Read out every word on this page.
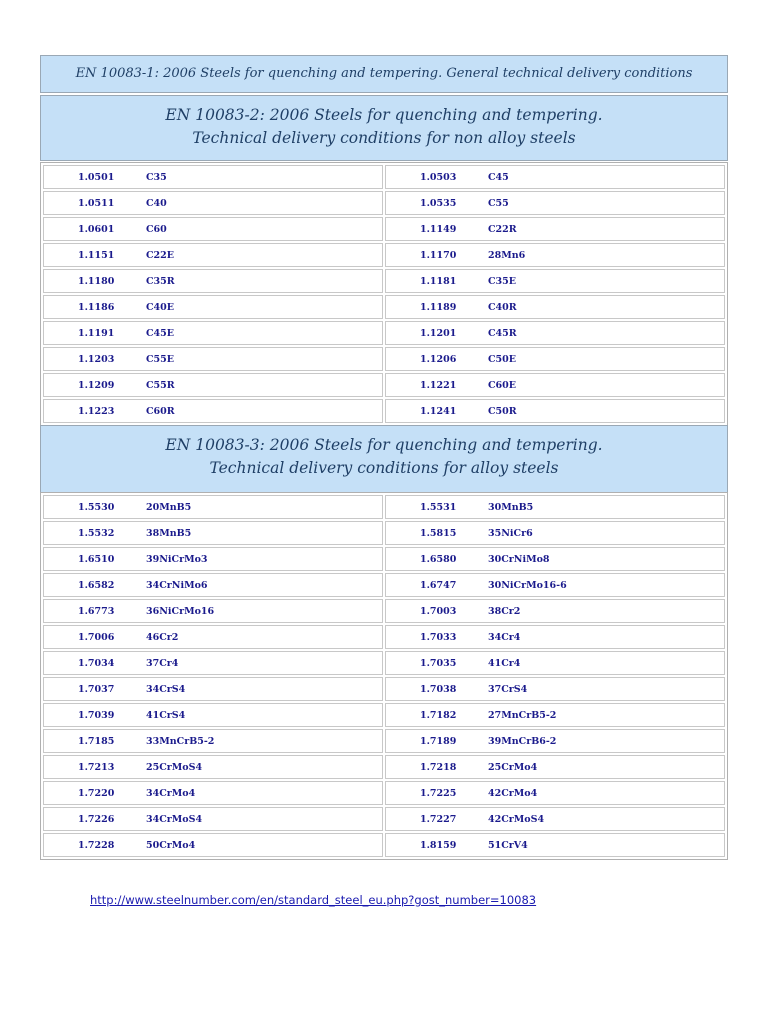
EN 10083-1: 2006 Steels for quenching and tempering. General technical delivery conditions
EN 10083-2: 2006 Steels for quenching and tempering.
Technical delivery conditions for non alloy steels
1.0501 C35	1.0503 C45

1.0511 C40	1.0535 C55

1.0601 C60	1.1149 C22R

1.1151 C22E	1.1170 28Mn6

1.1180 C35R	1.1181 C35E

1.1186 C40E	1.1189 C40R

1.1191 C45E	1.1201 C45R

1.1203 C55E	1.1206 C50E

1.1209 C55R	1.1221 C60E

1.1223 C60R	1.1241 C50R
EN 10083-3: 2006 Steels for quenching and tempering.
Technical delivery conditions for alloy steels
1.5530 20MnB5	1.5531 30MnB5

1.5532 38MnB5	1.5815 35NiCr6

1.6510 39NiCrMo3	1.6580 30CrNiMo8

1.6582 34CrNiMo6	1.6747 30NiCrMo16-6

1.6773 36NiCrMo16	1.7003 38Cr2

1.7006 46Cr2	1.7033 34Cr4

1.7034 37Cr4	1.7035 41Cr4

1.7037 34CrS4	1.7038 37CrS4

1.7039 41CrS4	1.7182 27MnCrB5-2

1.7185 33MnCrB5-2	1.7189 39MnCrB6-2

1.7213 25CrMoS4	1.7218 25CrMo4

1.7220 34CrMo4	1.7225 42CrMo4

1.7226 34CrMoS4	1.7227 42CrMoS4

1.7228 50CrMo4	1.8159 51CrV4
http://www.steelnumber.com/en/standard_steel_eu.php?gost_number=10083
